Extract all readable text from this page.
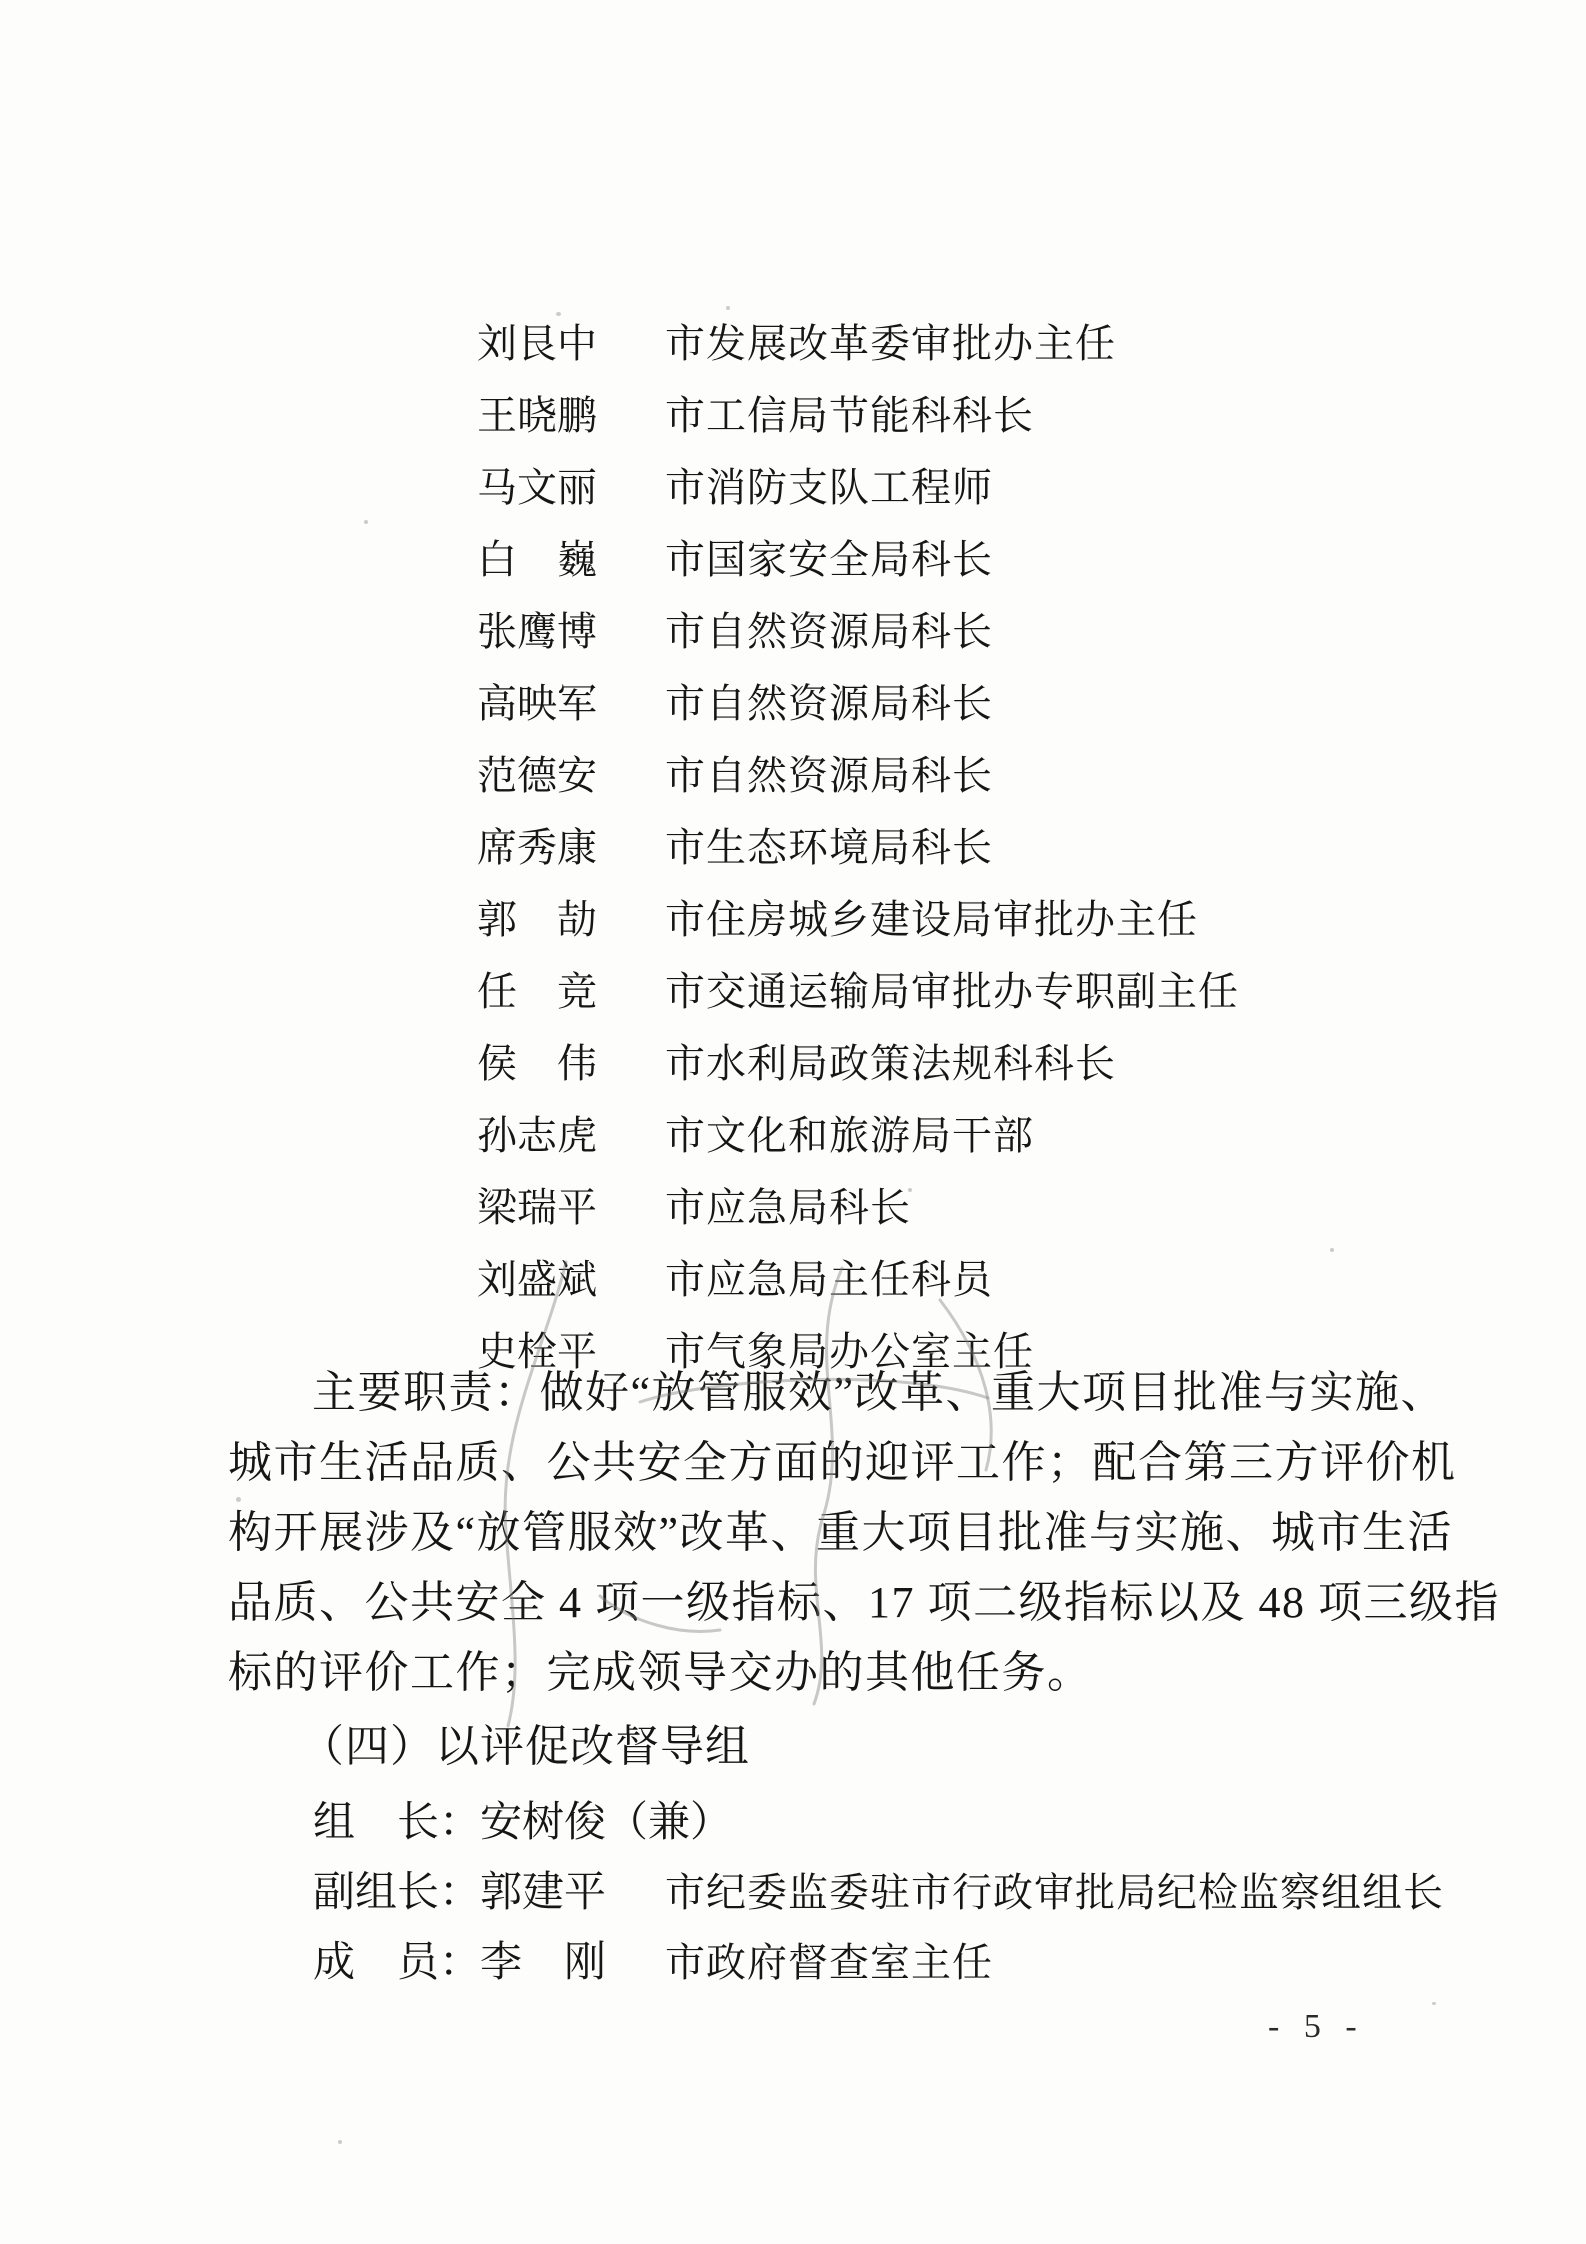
刘艮中	市发展改革委审批办主任
王晓鹏	市工信局节能科科长
马文丽	市消防支队工程师
白　巍	市国家安全局科长
张鹰博	市自然资源局科长
高映军	市自然资源局科长
范德安	市自然资源局科长
席秀康	市生态环境局科长
郭　劼	市住房城乡建设局审批办主任
任　竞	市交通运输局审批办专职副主任
侯　伟	市水利局政策法规科科长
孙志虎	市文化和旅游局干部
梁瑞平	市应急局科长
刘盛斌	市应急局主任科员
史栓平	市气象局办公室主任
主要职责：做好“放管服效”改革、重大项目批准与实施、
城市生活品质、公共安全方面的迎评工作；配合第三方评价机
构开展涉及“放管服效”改革、重大项目批准与实施、城市生活
品质、公共安全 4 项一级指标、17 项二级指标以及 48 项三级指
标的评价工作；完成领导交办的其他任务。
（四）以评促改督导组
组　长：
安树俊（兼）
副组长：
郭建平	市纪委监委驻市行政审批局纪检监察组组长
成　员：
李　刚	市政府督查室主任
- 5 -
